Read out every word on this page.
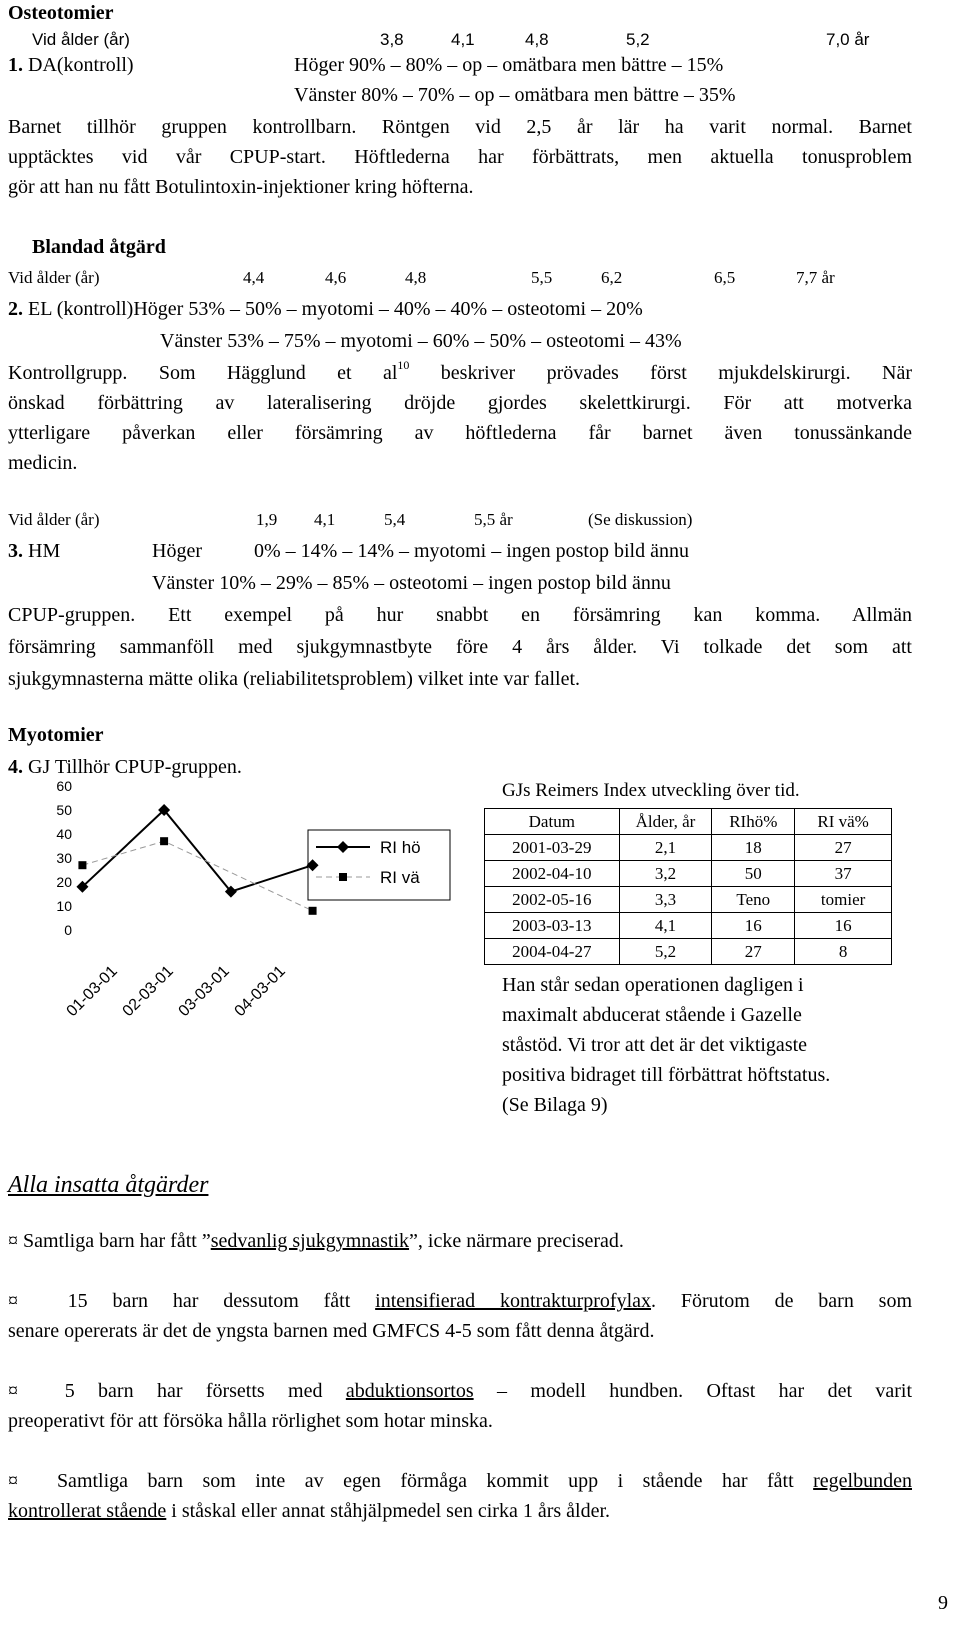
Osteotomier
Vid ålder (år)	3,8	4,1	4,8	5,2	7,0 år
1. DA(kontroll)	Höger 90% – 80% – op – omätbara men bättre – 15%
Vänster 80% – 70% – op – omätbara men bättre – 35%
Barnet tillhör gruppen kontrollbarn. Röntgen vid 2,5 år lär ha varit normal. Barnet
upptäcktes vid vår CPUP-start. Höftlederna har förbättrats, men aktuella tonusproblem
gör att han nu fått Botulintoxin-injektioner kring höfterna.
Blandad åtgärd
Vid ålder (år)	4,4	4,6	4,8	5,5	6,2	6,5	7,7 år
2. EL (kontroll)Höger 53% – 50% – myotomi – 40% – 40% – osteotomi – 20%
Vänster 53% – 75% – myotomi – 60% – 50% – osteotomi – 43%
Kontrollgrupp. Som Hägglund et $al^{10}$ beskriver prövades först mjukdelskirurgi. När
önskad förbättring av lateralisering dröjde gjordes skelettkirurgi. För att motverka
ytterligare påverkan eller försämring av höftlederna får barnet även tonussänkande
medicin.
Vid ålder (år)	1,9 4,1	5,4	5,5 år	(Se diskussion)
3. HM	Höger	0% – 14% – 14% – myotomi – ingen postop bild ännu
Vänster 10% – 29% – 85% – osteotomi – ingen postop bild ännu
CPUP-gruppen. Ett exempel på hur snabbt en försämring kan komma. Allmän
försämring sammanföll med sjukgymnastbyte före 4 års ålder. Vi tolkade det som att
sjukgymnasterna mätte olika (reliabilitetsproblem) vilket inte var fallet.
Myotomier
4. GJ Tillhör CPUP-gruppen.
60
50
40
30
20
10
0
01-03-01
02-03-01
03-03-01
04-03-01
RI hö
RI vä
GJs Reimers Index utveckling över tid.
Datum	Ålder, år	RIhö%	RI vä%
2001-03-29	2,1	18	27
2002-04-10	3,2	50	37
2002-05-16	3,3	Teno	tomier
2003-03-13	4,1	16	16
2004-04-27	5,2	27	8
Han står sedan operationen dagligen i
maximalt abducerat stående i Gazelle
ståstöd. Vi tror att det är det viktigaste
positiva bidraget till förbättrat höftstatus.
(Se Bilaga 9)
Alla insatta åtgärder
¤ Samtliga barn har fått ”sedvanlig sjukgymnastik”, icke närmare preciserad.
¤ 15 barn har dessutom fått intensifierad kontrakturprofylax. Förutom de barn som
senare opererats är det de yngsta barnen med GMFCS 4-5 som fått denna åtgärd.
¤ 5 barn har försetts med abduktionsortos – modell hundben. Oftast har det varit
preoperativt för att försöka hålla rörlighet som hotar minska.
¤ Samtliga barn som inte av egen förmåga kommit upp i stående har fått regelbunden
kontrollerat stående i ståskal eller annat ståhjälpmedel sen cirka 1 års ålder.
9
